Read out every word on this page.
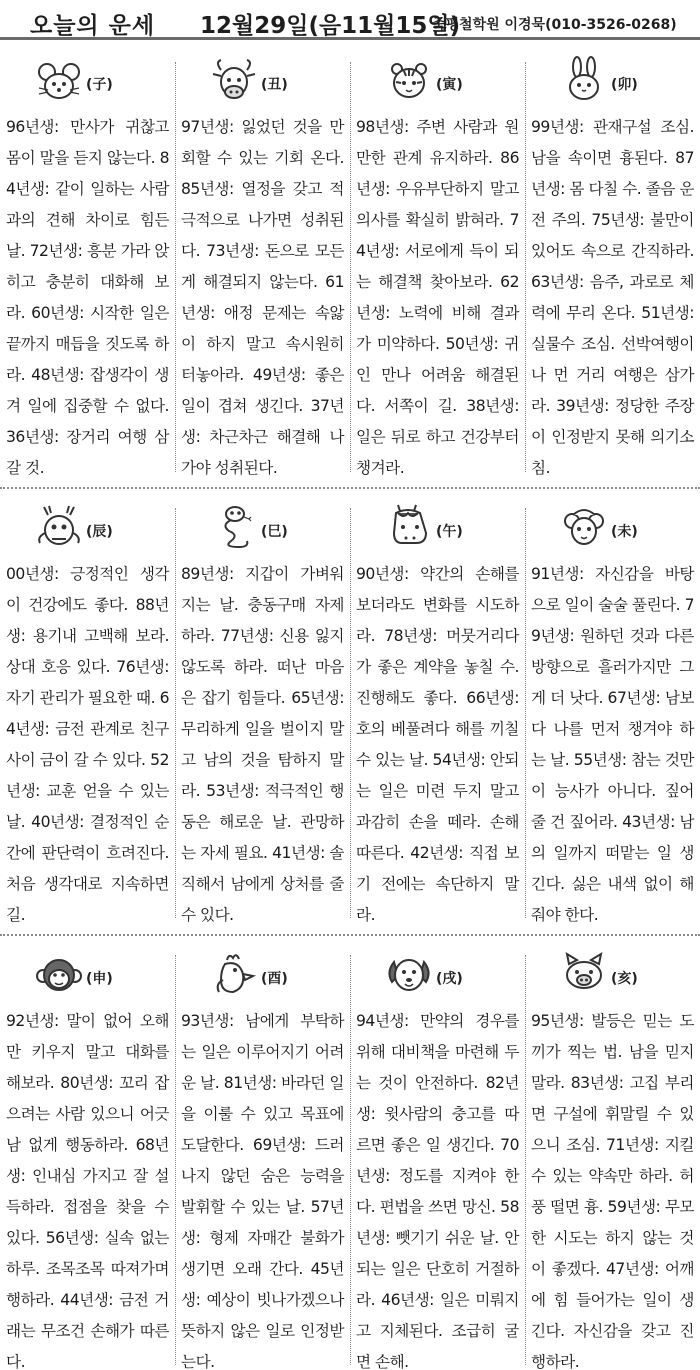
오늘의 운세 12월29일(음11월15일)
죽평철학원 이경묵(010-3526-0268)
(子)
96년생: 만사가 귀찮고 몸이 말을 듣지 않는다. 84년생: 같이 일하는 사람과의 견해 차이로 힘든 날. 72년생: 흥분 가라 앉히고 충분히 대화해 보라. 60년생: 시작한 일은 끝까지 매듭을 짓도록 하라. 48년생: 잡생각이 생겨 일에 집중할 수 없다. 36년생: 장거리 여행 삼갈 것.
(丑)
97년생: 잃었던 것을 만회할 수 있는 기회 온다. 85년생: 열정을 갖고 적극적으로 나가면 성취된다. 73년생: 돈으로 모든게 해결되지 않는다. 61년생: 애정 문제는 속앓이 하지 말고 속시원히 터놓아라. 49년생: 좋은 일이 겹쳐 생긴다. 37년생: 차근차근 해결해 나가야 성취된다.
(寅)
98년생: 주변 사람과 원만한 관계 유지하라. 86년생: 우유부단하지 말고 의사를 확실히 밝혀라. 74년생: 서로에게 득이 되는 해결책 찾아보라. 62년생: 노력에 비해 결과가 미약하다. 50년생: 귀인 만나 어려움 해결된다. 서쪽이 길. 38년생: 일은 뒤로 하고 건강부터 챙겨라.
(卯)
99년생: 관재구설 조심. 남을 속이면 흉된다. 87년생: 몸 다칠 수. 졸음 운전 주의. 75년생: 불만이 있어도 속으로 간직하라. 63년생: 음주, 과로로 체력에 무리 온다. 51년생: 실물수 조심. 선박여행이나 먼 거리 여행은 삼가라. 39년생: 정당한 주장이 인정받지 못해 의기소침.
(辰)
00년생: 긍정적인 생각이 건강에도 좋다. 88년생: 용기내 고백해 보라. 상대 호응 있다. 76년생: 자기 관리가 필요한 때. 64년생: 금전 관계로 친구 사이 금이 갈 수 있다. 52년생: 교훈 얻을 수 있는 날. 40년생: 결정적인 순간에 판단력이 흐려진다. 처음 생각대로 지속하면 길.
(巳)
89년생: 지갑이 가벼워지는 날. 충동구매 자제하라. 77년생: 신용 잃지 않도록 하라. 떠난 마음은 잡기 힘들다. 65년생: 무리하게 일을 벌이지 말고 남의 것을 탐하지 말라. 53년생: 적극적인 행동은 해로운 날. 관망하는 자세 필요. 41년생: 솔직해서 남에게 상처를 줄 수 있다.
(午)
90년생: 약간의 손해를 보더라도 변화를 시도하라. 78년생: 머뭇거리다가 좋은 계약을 놓칠 수. 진행해도 좋다. 66년생: 호의 베풀려다 해를 끼칠 수 있는 날. 54년생: 안되는 일은 미련 두지 말고 과감히 손을 떼라. 손해 따른다. 42년생: 직접 보기 전에는 속단하지 말라.
(未)
91년생: 자신감을 바탕으로 일이 술술 풀린다. 79년생: 원하던 것과 다른 방향으로 흘러가지만 그게 더 낫다. 67년생: 남보다 나를 먼저 챙겨야 하는 날. 55년생: 참는 것만이 능사가 아니다. 짚어줄 건 짚어라. 43년생: 남의 일까지 떠맡는 일 생긴다. 싫은 내색 없이 해줘야 한다.
(申)
92년생: 말이 없어 오해만 키우지 말고 대화를 해보라. 80년생: 꼬리 잡으려는 사람 있으니 어긋남 없게 행동하라. 68년생: 인내심 가지고 잘 설득하라. 접점을 찾을 수 있다. 56년생: 실속 없는 하루. 조목조목 따져가며 행하라. 44년생: 금전 거래는 무조건 손해가 따른다.
(酉)
93년생: 남에게 부탁하는 일은 이루어지기 어려운 날. 81년생: 바라던 일을 이룰 수 있고 목표에 도달한다. 69년생: 드러나지 않던 숨은 능력을 발휘할 수 있는 날. 57년생: 형제 자매간 불화가 생기면 오래 간다. 45년생: 예상이 빗나가겠으나 뜻하지 않은 일로 인정받는다.
(戌)
94년생: 만약의 경우를 위해 대비책을 마련해 두는 것이 안전하다. 82년생: 윗사람의 충고를 따르면 좋은 일 생긴다. 70년생: 정도를 지켜야 한다. 편법을 쓰면 망신. 58년생: 뺏기기 쉬운 날. 안되는 일은 단호히 거절하라. 46년생: 일은 미뤄지고 지체된다. 조급히 굴면 손해.
(亥)
95년생: 발등은 믿는 도끼가 찍는 법. 남을 믿지 말라. 83년생: 고집 부리면 구설에 휘말릴 수 있으니 조심. 71년생: 지킬 수 있는 약속만 하라. 허풍 떨면 흉. 59년생: 무모한 시도는 하지 않는 것이 좋겠다. 47년생: 어깨에 힘 들어가는 일이 생긴다. 자신감을 갖고 진행하라.
